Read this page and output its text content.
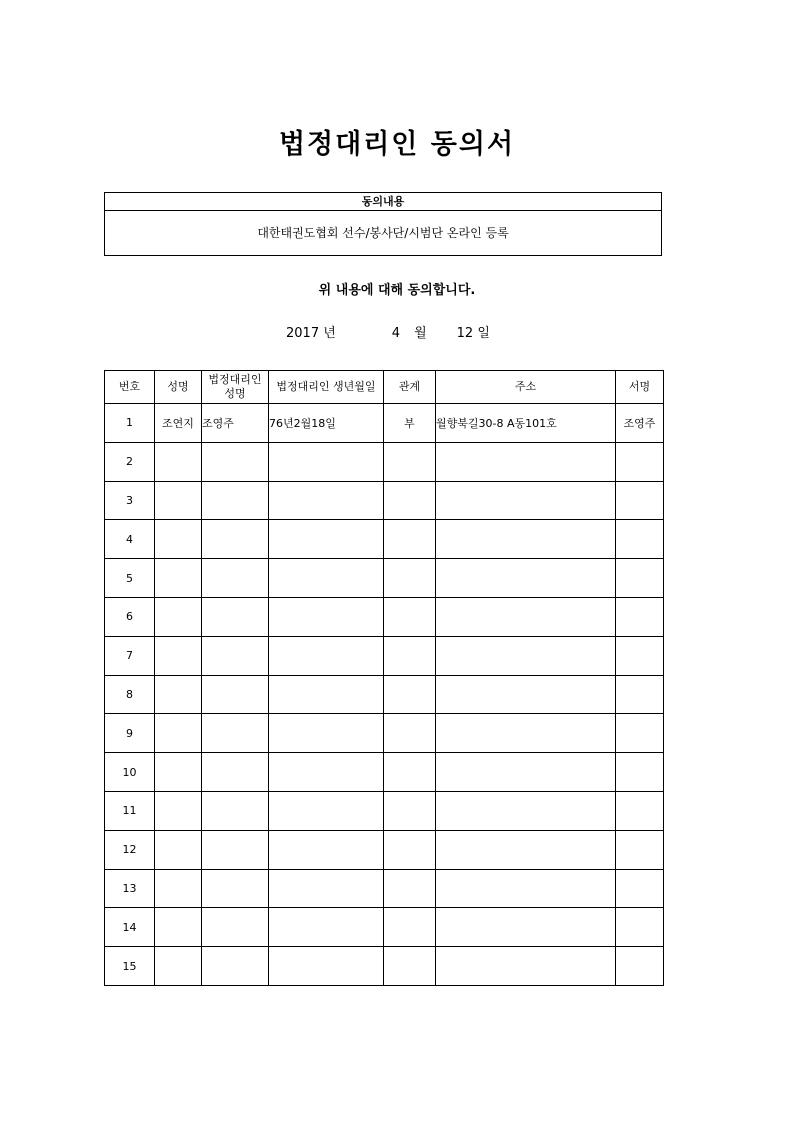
법정대리인 동의서
동의내용
대한태권도협회 선수/봉사단/시범단 온라인 등록
위 내용에 대해 동의합니다.
2017 년	4 월 12 일
번호	성명	법정대리인 성명	법정대리인 생년월일	관계	주소	서명
1	조연지	조영주	76년2월18일	부	월향북길30-8 A동101호	조영주
2						
3						
4						
5						
6						
7						
8						
9						
10						
11						
12						
13						
14						
15						
